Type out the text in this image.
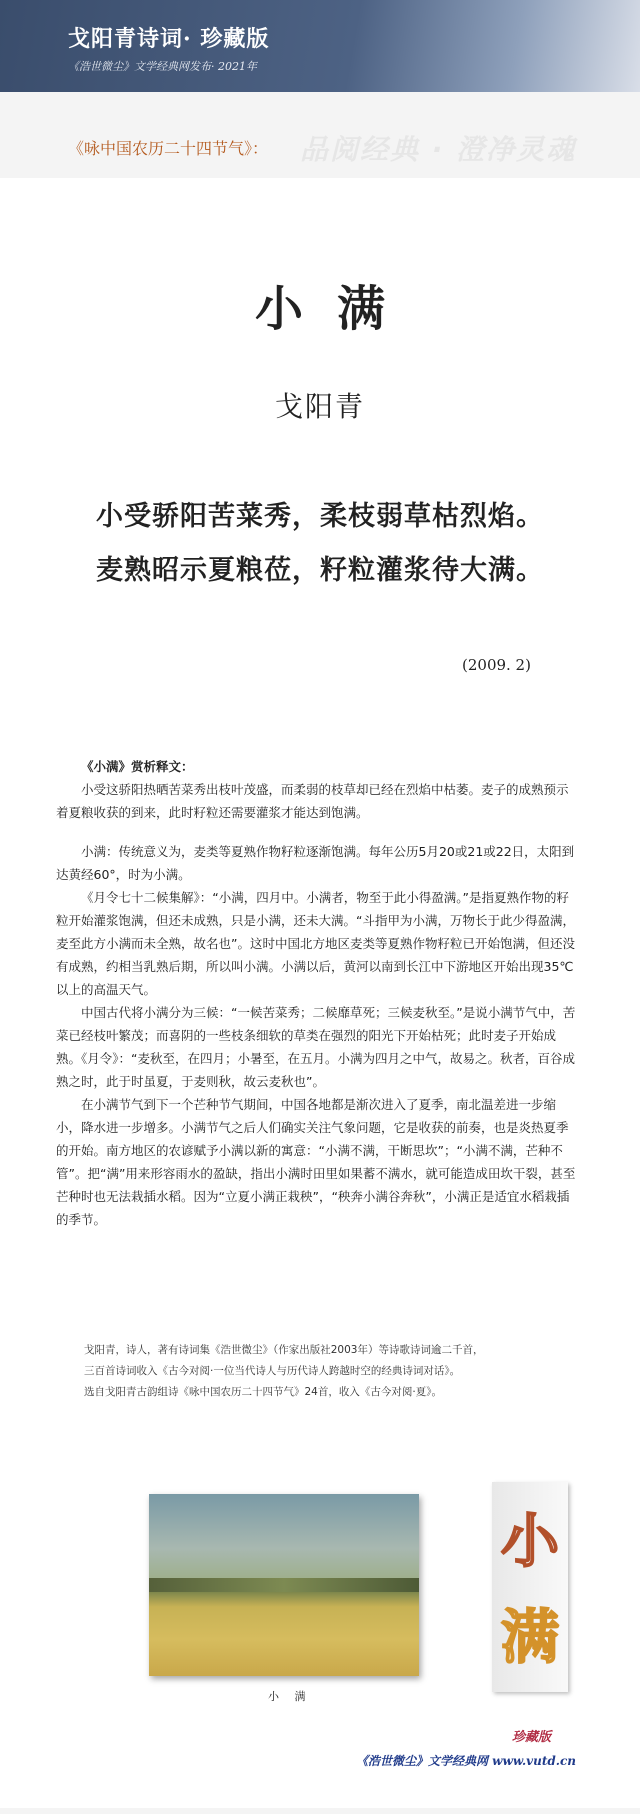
戈阳青诗词· 珍藏版
《浩世微尘》文学经典网发布· 2021年
《咏中国农历二十四节气》： 品阅经典 · 澄净灵魂
小满
戈阳青
小受骄阳苦菜秀，柔枝弱草枯烈焰。
麦熟昭示夏粮莅，籽粒灌浆待大满。
(2009. 2)

《小满》赏析释文：

小受这骄阳热晒苦菜秀出枝叶茂盛，而柔弱的枝草却已经在烈焰中枯萎。麦子的成熟预示着夏粮收获的到来，此时籽粒还需要灌浆才能达到饱满。

小满：传统意义为，麦类等夏熟作物籽粒逐渐饱满。每年公历5月20或21或22日，太阳到达黄经60°，时为小满。

《月令七十二候集解》：“小满，四月中。小满者，物至于此小得盈满。”是指夏熟作物的籽粒开始灌浆饱满，但还未成熟，只是小满，还未大满。“斗指甲为小满，万物长于此少得盈满，麦至此方小满而未全熟，故名也”。这时中国北方地区麦类等夏熟作物籽粒已开始饱满，但还没有成熟，约相当乳熟后期，所以叫小满。小满以后，黄河以南到长江中下游地区开始出现35℃以上的高温天气。

中国古代将小满分为三候：“一候苦菜秀；二候靡草死；三候麦秋至。”是说小满节气中，苦菜已经枝叶繁茂；而喜阴的一些枝条细软的草类在强烈的阳光下开始枯死；此时麦子开始成熟。《月令》：“麦秋至，在四月；小暑至，在五月。小满为四月之中气，故易之。秋者，百谷成熟之时，此于时虽夏，于麦则秋，故云麦秋也”。

在小满节气到下一个芒种节气期间，中国各地都是渐次进入了夏季，南北温差进一步缩小，降水进一步增多。小满节气之后人们确实关注气象问题，它是收获的前奏，也是炎热夏季的开始。南方地区的农谚赋予小满以新的寓意：“小满不满，干断思坎”；“小满不满，芒种不管”。把“满”用来形容雨水的盈缺，指出小满时田里如果蓄不满水，就可能造成田坎干裂，甚至芒种时也无法栽插水稻。因为“立夏小满正栽秧”，“秧奔小满谷奔秋”，小满正是适宜水稻栽插的季节。

戈阳青，诗人，著有诗词集《浩世微尘》（作家出版社2003年）等诗歌诗词逾二千首，
三百首诗词收入《古今对阅·一位当代诗人与历代诗人跨越时空的经典诗词对话》。
选自戈阳青古韵组诗《咏中国农历二十四节气》24首，收入《古今对阅·夏》。
小 满
小
满
珍藏版
《浩世微尘》文学经典网 www.vutd.cn
